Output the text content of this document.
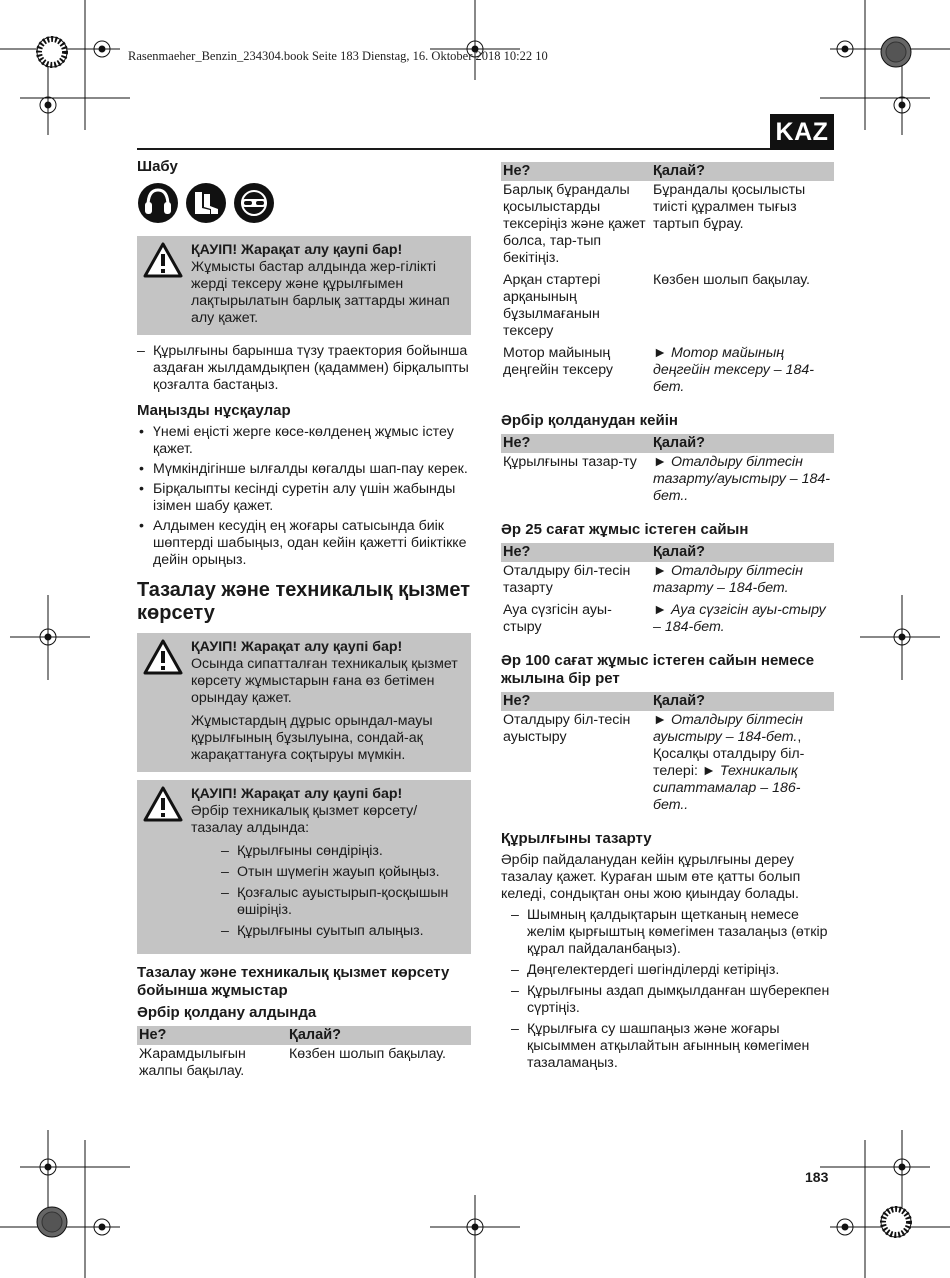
Rasenmaeher_Benzin_234304.book Seite 183 Dienstag, 16. Oktober 2018 10:22 10
KAZ
Шабу
ҚАУІП! Жарақат алу қаупі бар!
Жұмысты бастар алдында жер-гілікті жерді тексеру және құрылғымен лақтырылатын барлық заттарды жинап алу қажет.
– Құрылғыны барынша түзу траектория бойынша аздаған жылдамдықпен (қадаммен) бірқалыпты қозғалта бастаңыз.
Маңызды нұсқаулар
• Үнемі еңісті жерге көсе-көлденең жұмыс істеу қажет.
• Мүмкіндігінше ылғалды көгалды шап-пау керек.
• Бірқалыпты кесінді суретін алу үшін жабынды ізімен шабу қажет.
• Алдымен кесудің ең жоғары сатысында биік шөптерді шабыңыз, одан кейін қажетті биіктікке дейін орыңыз.
Тазалау және техникалық қызмет көрсету
ҚАУІП! Жарақат алу қаупі бар!
Осында сипатталған техникалық қызмет көрсету жұмыстарын ғана өз бетімен орындау қажет.
Жұмыстардың дұрыс орындал-мауы құрылғының бұзылуына, сондай-ақ жарақаттануға соқтыруы мүмкін.
ҚАУІП! Жарақат алу қаупі бар!
Әрбір техникалық қызмет көрсету/ тазалау алдында:
– Құрылғыны сөндіріңіз.
– Отын шүмегін жауып қойыңыз.
– Қозғалыс ауыстырып-қосқышын өшіріңіз.
– Құрылғыны суытып алыңыз.
Тазалау және техникалық қызмет көрсету бойынша жұмыстар
Әрбір қолдану алдында
Не?	Қалай?
Жарамдылығын жалпы бақылау.	Көзбен шолып бақылау.
Не?	Қалай?
Барлық бұрандалы қосылыстарды тексеріңіз және қажет болса, тар-тып бекітіңіз.	Бұрандалы қосылысты тиісті құралмен тығыз тартып бұрау.
Арқан стартері арқанының бұзылмағанын тексеру	Көзбен шолып бақылау.
Мотор майының деңгейін тексеру	► Мотор майының деңгейін тексеру – 184-бет.
Әрбір қолданудан кейін
Не?	Қалай?
Құрылғыны тазар-ту	► Оталдыру білтесін тазарту/ауыстыру – 184-бет..
Әр 25 сағат жұмыс істеген сайын
Не?	Қалай?
Оталдыру біл-тесін тазарту	► Оталдыру білтесін тазарту – 184-бет.
Ауа сүзгісін ауы-стыру	► Ауа сүзгісін ауы-стыру – 184-бет.
Әр 100 сағат жұмыс істеген сайын немесе жылына бір рет
Не?	Қалай?
Оталдыру біл-тесін ауыстыру	► Оталдыру білтесін ауыстыру – 184-бет., Қосалқы оталдыру біл-телері: ► Техникалық сипаттамалар – 186-бет..
Құрылғыны тазарту

Әрбір пайдаланудан кейін құрылғыны дереу тазалау қажет. Кураған шым өте қатты болып келеді, сондықтан оны жою қиындау болады.

– Шымның қалдықтарын щетканың немесе желім қырғыштың көмегімен тазалаңыз (өткір құрал пайдаланбаңыз).
– Дөңгелектердегі шөгінділерді кетіріңіз.
– Құрылғыны аздап дымқылданған шүберекпен сүртіңіз.
– Құрылғыға су шашпаңыз және жоғары қысыммен атқылайтын ағынның көмегімен тазаламаңыз.
183
